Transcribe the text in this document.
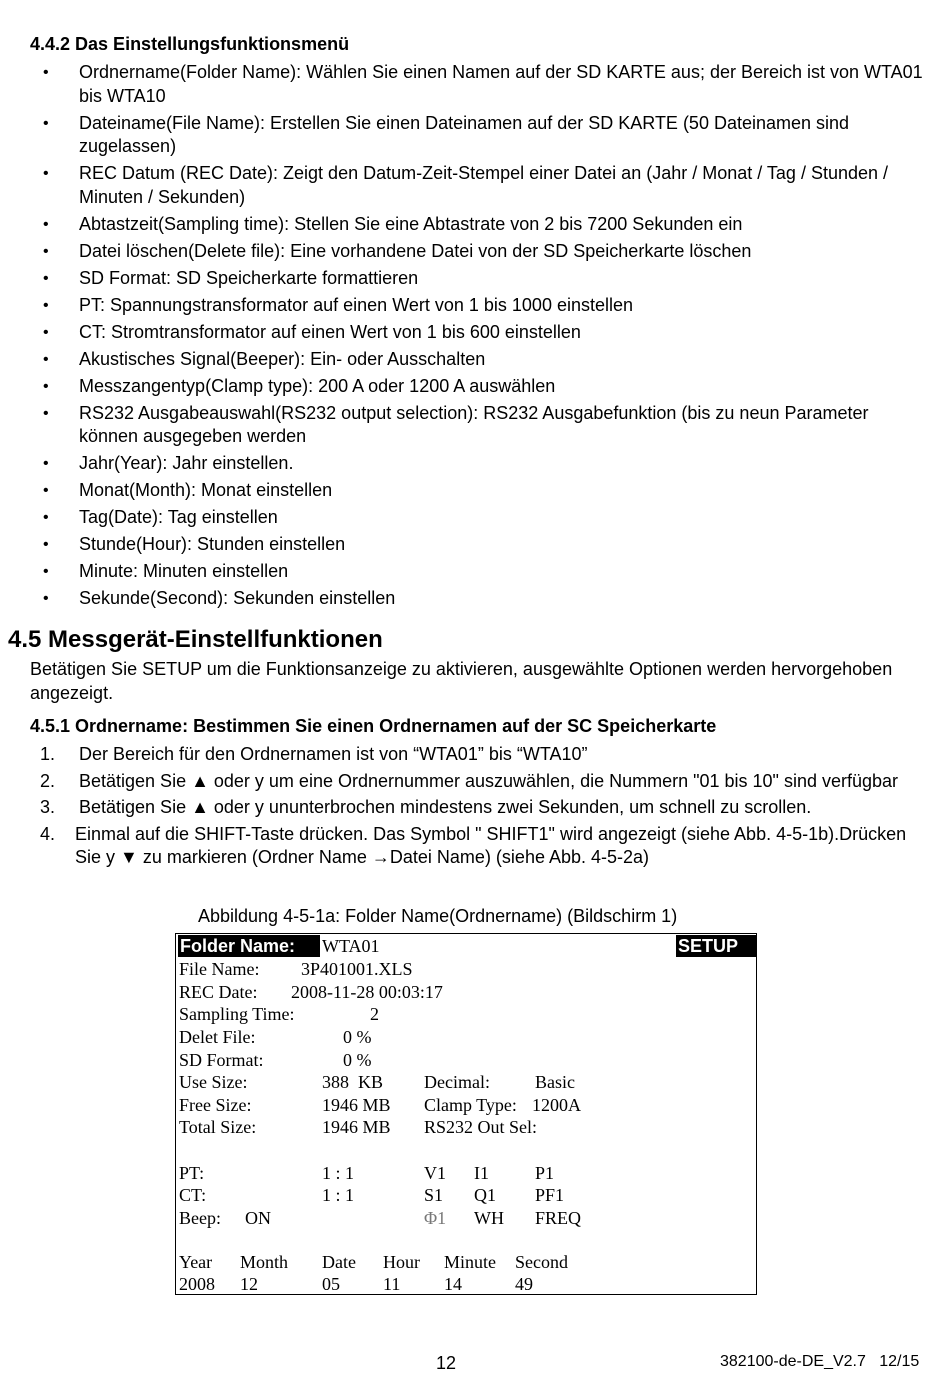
4.4.2 Das Einstellungsfunktionsmenü
• Ordnername(Folder Name): Wählen Sie einen Namen auf der SD KARTE aus; der Bereich ist von WTA01 bis WTA10
• Dateiname(File Name): Erstellen Sie einen Dateinamen auf der SD KARTE (50 Dateinamen sind zugelassen)
• REC Datum (REC Date): Zeigt den Datum-Zeit-Stempel einer Datei an (Jahr / Monat / Tag / Stunden / Minuten / Sekunden)
• Abtastzeit(Sampling time): Stellen Sie eine Abtastrate von 2 bis 7200 Sekunden ein
• Datei löschen(Delete file): Eine vorhandene Datei von der SD Speicherkarte löschen
• SD Format: SD Speicherkarte formattieren
• PT: Spannungstransformator auf einen Wert von 1 bis 1000 einstellen
• CT: Stromtransformator auf einen Wert von 1 bis 600 einstellen
• Akustisches Signal(Beeper): Ein- oder Ausschalten
• Messzangentyp(Clamp type): 200 A oder 1200 A auswählen
• RS232 Ausgabeauswahl(RS232 output selection): RS232 Ausgabefunktion (bis zu neun Parameter können ausgegeben werden
• Jahr(Year): Jahr einstellen.
• Monat(Month): Monat einstellen
• Tag(Date): Tag einstellen
• Stunde(Hour): Stunden einstellen
• Minute: Minuten einstellen
• Sekunde(Second): Sekunden einstellen
4.5 Messgerät-Einstellfunktionen
Betätigen Sie SETUP um die Funktionsanzeige zu aktivieren, ausgewählte Optionen werden hervorgehoben angezeigt.
4.5.1 Ordnername: Bestimmen Sie einen Ordnernamen auf der SC Speicherkarte
1. Der Bereich für den Ordnernamen ist von “WTA01” bis “WTA10”
2. Betätigen Sie ▲ oder y um eine Ordnernummer auszuwählen, die Nummern "01 bis 10" sind verfügbar
3. Betätigen Sie ▲ oder y ununterbrochen mindestens zwei Sekunden, um schnell zu scrollen.
4. Einmal auf die SHIFT-Taste drücken. Das Symbol " SHIFT1" wird angezeigt (siehe Abb. 4-5-1b).Drücken Sie y ▼ zu markieren (Ordner Name →Datei Name) (siehe Abb. 4-5-2a)
Abbildung 4-5-1a: Folder Name(Ordnername) (Bildschirm 1)
Folder Name:	WTA01	SETUP
File Name: 3P401001.XLS
REC Date: 2008-11-28 00:03:17
Sampling Time:	2
Delet File:	0 %
SD Format:	0 %
Use Size:	388  KB Decimal:	Basic
Free Size:	1946 MB Clamp Type: 1200A
Total Size:	1946 MB RS232 Out Sel:
PT:	1 : 1	V1 I1	P1
CT:	1 : 1	S1 Q1 PF1
Beep: ON	Φ1 WH FREQ
Year Month Date Hour Minute Second
2008 12	05 11 14	49
12	382100-de-DE_V2.7   12/15
